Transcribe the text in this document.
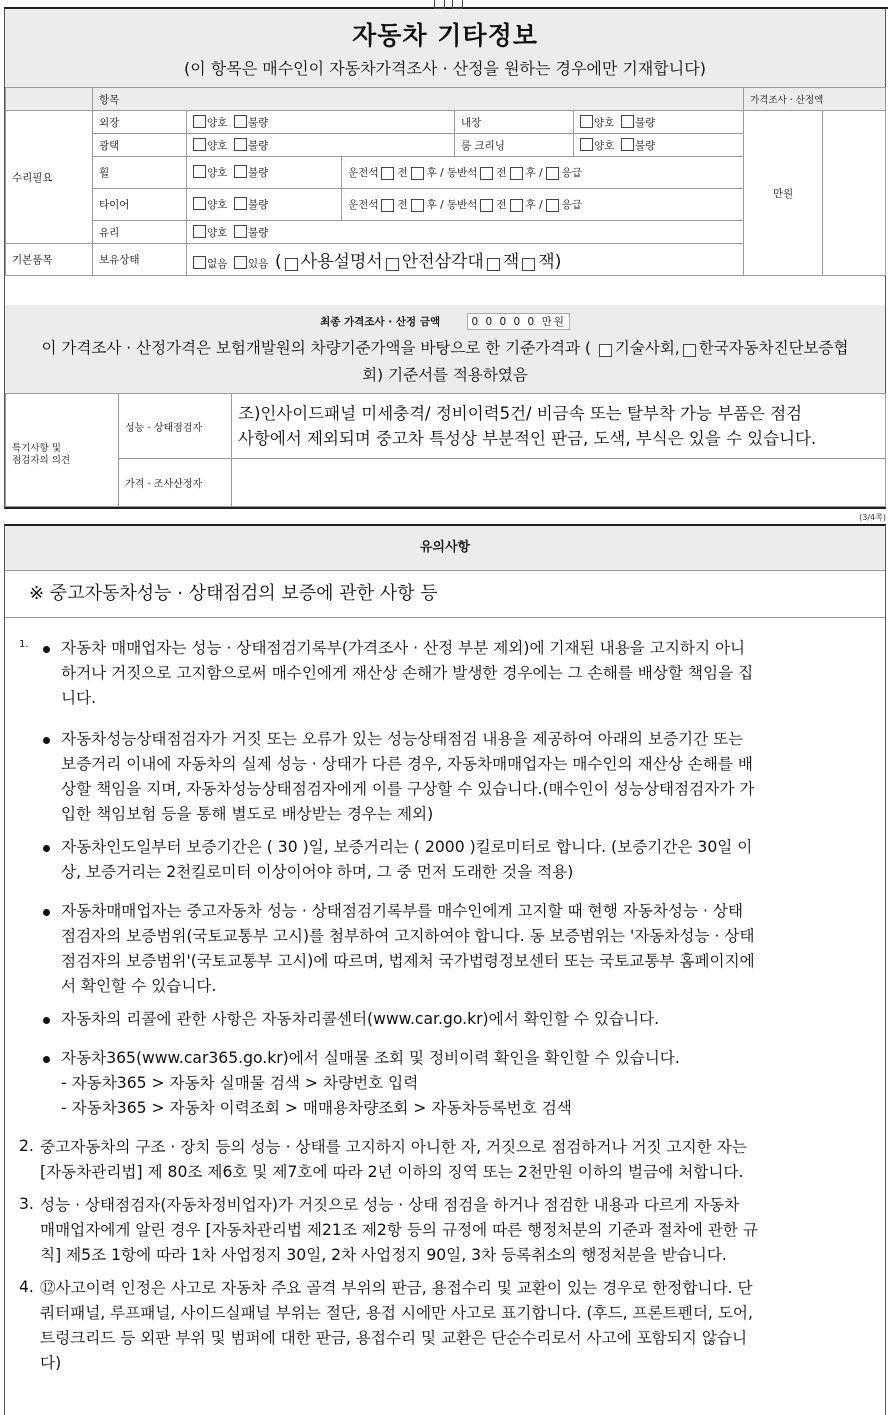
자동차 기타정보
(이 항목은 매수인이 자동차가격조사 · 산정을 원하는 경우에만 기재합니다)
	항목					가격조사 · 산정액	
수리필요	외장	양호 불량		내장	양호 불량	만원	
	광택	양호 불량		룸 크리닝	양호 불량		
	휠	양호 불량	운전석 전 후 / 동반석 전 후 / 응급				
	타이어	양호 불량	운전석 전 후 / 동반석 전 후 / 응급				
	유리	양호 불량					
기본품목	보유상태	없음 있음 ( 사용설명서 안전삼각대 잭 잭)					
최종 가격조사 · 산정 금액	0 0 0 0 0 만원
이 가격조사 · 산정가격은 보험개발원의 차량기준가액을 바탕으로 한 기준가격과 ( 기술사회, 한국자동차진단보증협
회) 기준서를 적용하였음
특기사항 및
점검자의 의견	성능 · 상태점검자	조)인사이드패널 미세충격/ 정비이력5건/ 비금속 또는 탈부착 가능 부품은 점검
사항에서 제외되며 중고차 특성상 부분적인 판금, 도색, 부식은 있을 수 있습니다.
	가격 · 조사산정자	
(3/4쪽)
유의사항
※ 중고자동차성능 · 상태점검의 보증에 관한 사항 등
1. 자동차 매매업자는 성능 · 상태점검기록부(가격조사 · 산정 부분 제외)에 기재된 내용을 고지하지 아니
하거나 거짓으로 고지함으로써 매수인에게 재산상 손해가 발생한 경우에는 그 손해를 배상할 책임을 집
니다.
자동차성능상태점검자가 거짓 또는 오류가 있는 성능상태점검 내용을 제공하여 아래의 보증기간 또는
보증거리 이내에 자동차의 실제 성능 · 상태가 다른 경우, 자동차매매업자는 매수인의 재산상 손해를 배
상할 책임을 지며, 자동차성능상태점검자에게 이를 구상할 수 있습니다.(매수인이 성능상태점검자가 가
입한 책임보험 등을 통해 별도로 배상받는 경우는 제외)
자동차인도일부터 보증기간은 ( 30 )일, 보증거리는 ( 2000 )킬로미터로 합니다. (보증기간은 30일 이
상, 보증거리는 2천킬로미터 이상이어야 하며, 그 중 먼저 도래한 것을 적용)
자동차매매업자는 중고자동차 성능 · 상태점검기록부를 매수인에게 고지할 때 현행 자동차성능 · 상태
점검자의 보증범위(국토교통부 고시)를 첨부하여 고지하여야 합니다. 동 보증범위는 '자동차성능 · 상태
점검자의 보증범위'(국토교통부 고시)에 따르며, 법제처 국가법령정보센터 또는 국토교통부 홈페이지에
서 확인할 수 있습니다.
자동차의 리콜에 관한 사항은 자동차리콜센터(www.car.go.kr)에서 확인할 수 있습니다.
자동차365(www.car365.go.kr)에서 실매물 조회 및 정비이력 확인을 확인할 수 있습니다.
- 자동차365 > 자동차 실매물 검색 > 차량번호 입력
- 자동차365 > 자동차 이력조회 > 매매용차량조회 > 자동차등록번호 검색
2. 중고자동차의 구조 · 장치 등의 성능 · 상태를 고지하지 아니한 자, 거짓으로 점검하거나 거짓 고지한 자는
[자동차관리법] 제 80조 제6호 및 제7호에 따라 2년 이하의 징역 또는 2천만원 이하의 벌금에 처합니다.
3. 성능 · 상태점검자(자동차정비업자)가 거짓으로 성능 · 상태 점검을 하거나 점검한 내용과 다르게 자동차
매매업자에게 알린 경우 [자동차관리법 제21조 제2항 등의 규정에 따른 행정처분의 기준과 절차에 관한 규
칙] 제5조 1항에 따라 1차 사업정지 30일, 2차 사업정지 90일, 3차 등록취소의 행정처분을 받습니다.
4. ⑫사고이력 인정은 사고로 자동차 주요 골격 부위의 판금, 용접수리 및 교환이 있는 경우로 한정합니다. 단
쿼터패널, 루프패널, 사이드실패널 부위는 절단, 용접 시에만 사고로 표기합니다. (후드, 프론트펜더, 도어,
트렁크리드 등 외판 부위 및 범퍼에 대한 판금, 용접수리 및 교환은 단순수리로서 사고에 포함되지 않습니
다)
